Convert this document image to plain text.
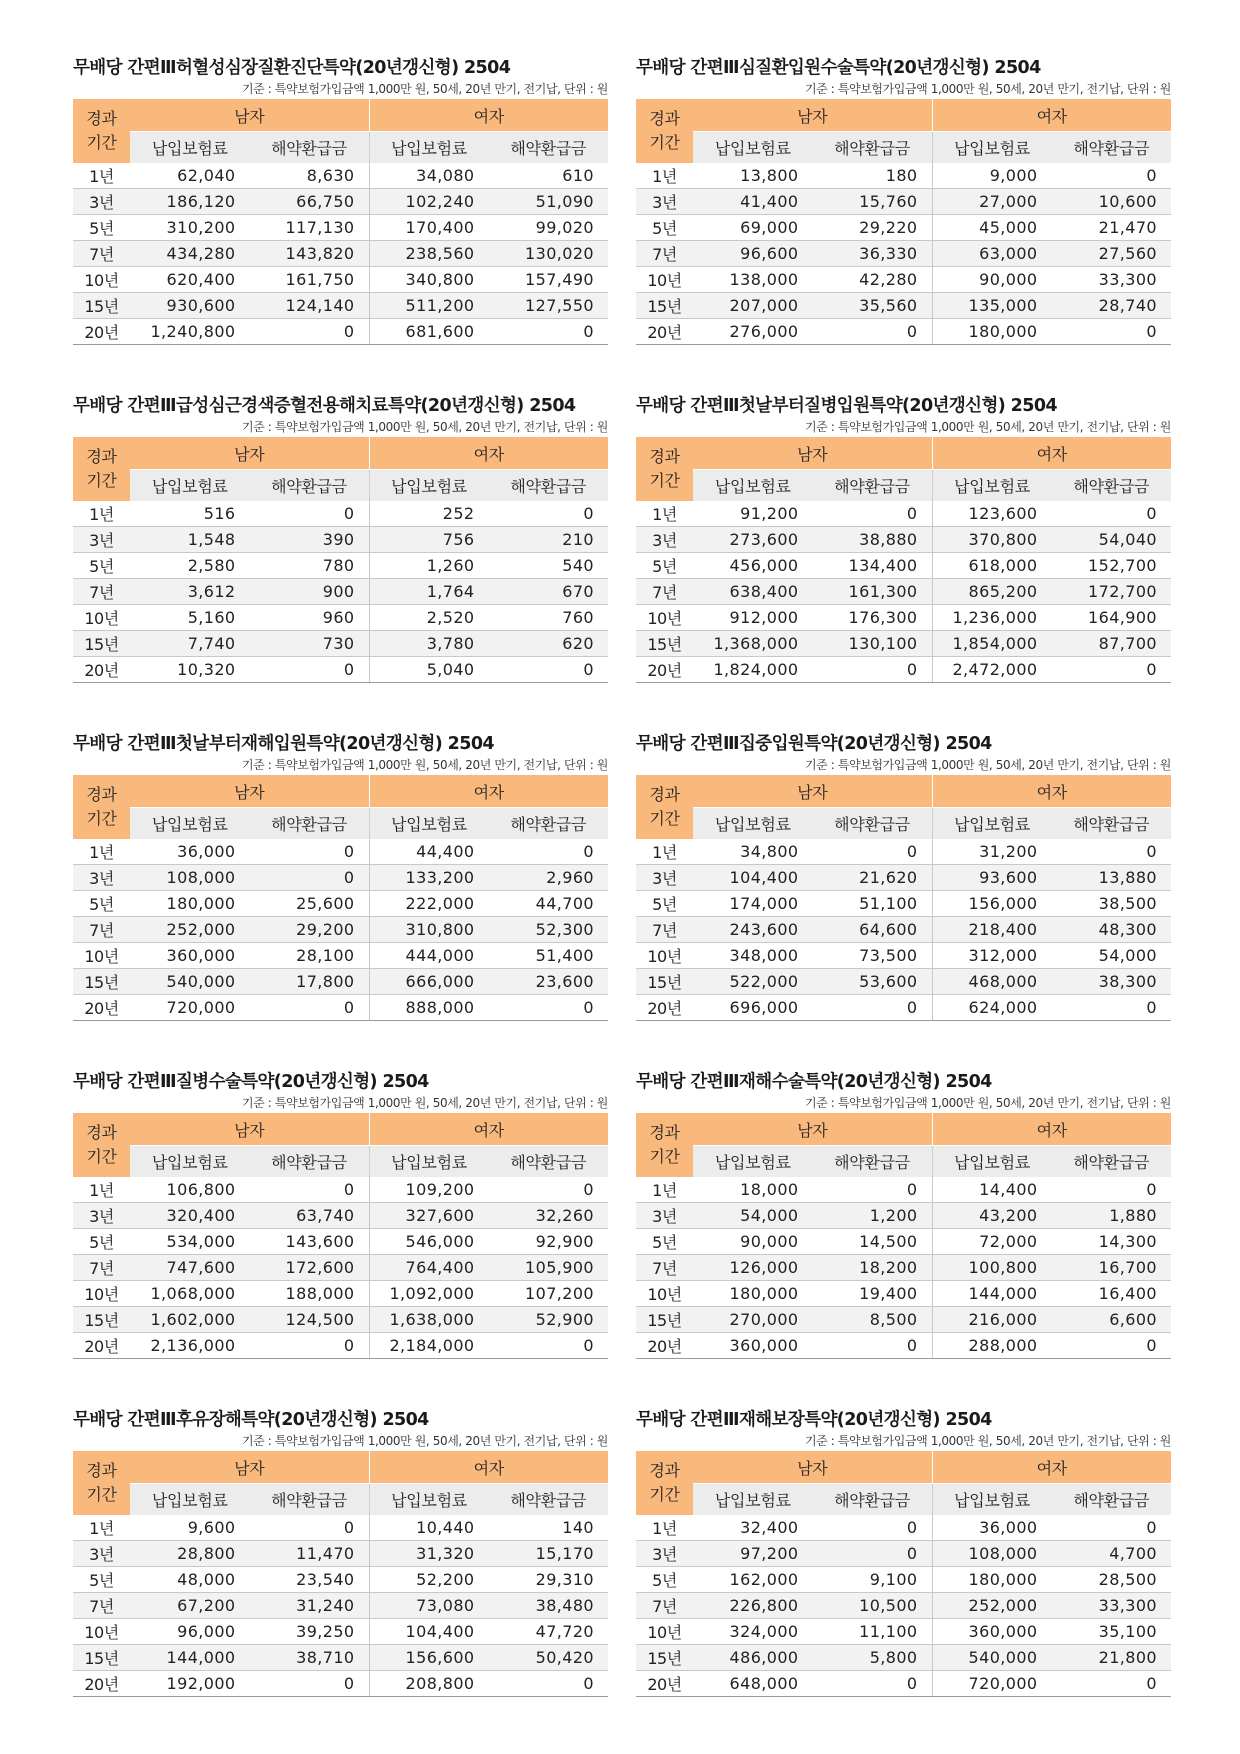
무배당 간편Ⅲ허혈성심장질환진단특약(20년갱신형) 2504
기준 : 특약보험가입금액 1,000만 원, 50세, 20년 만기, 전기납, 단위 : 원
경과
기간	남자		여자	
	납입보험료	해약환급금	납입보험료	해약환급금
1년	62,040	8,630	34,080	610
3년	186,120	66,750	102,240	51,090
5년	310,200	117,130	170,400	99,020
7년	434,280	143,820	238,560	130,020
10년	620,400	161,750	340,800	157,490
15년	930,600	124,140	511,200	127,550
20년	1,240,800	0	681,600	0
무배당 간편Ⅲ심질환입원수술특약(20년갱신형) 2504
기준 : 특약보험가입금액 1,000만 원, 50세, 20년 만기, 전기납, 단위 : 원
경과
기간	남자		여자	
	납입보험료	해약환급금	납입보험료	해약환급금
1년	13,800	180	9,000	0
3년	41,400	15,760	27,000	10,600
5년	69,000	29,220	45,000	21,470
7년	96,600	36,330	63,000	27,560
10년	138,000	42,280	90,000	33,300
15년	207,000	35,560	135,000	28,740
20년	276,000	0	180,000	0
무배당 간편Ⅲ급성심근경색증혈전용해치료특약(20년갱신형) 2504
기준 : 특약보험가입금액 1,000만 원, 50세, 20년 만기, 전기납, 단위 : 원
경과
기간	남자		여자	
	납입보험료	해약환급금	납입보험료	해약환급금
1년	516	0	252	0
3년	1,548	390	756	210
5년	2,580	780	1,260	540
7년	3,612	900	1,764	670
10년	5,160	960	2,520	760
15년	7,740	730	3,780	620
20년	10,320	0	5,040	0
무배당 간편Ⅲ첫날부터질병입원특약(20년갱신형) 2504
기준 : 특약보험가입금액 1,000만 원, 50세, 20년 만기, 전기납, 단위 : 원
경과
기간	남자		여자	
	납입보험료	해약환급금	납입보험료	해약환급금
1년	91,200	0	123,600	0
3년	273,600	38,880	370,800	54,040
5년	456,000	134,400	618,000	152,700
7년	638,400	161,300	865,200	172,700
10년	912,000	176,300	1,236,000	164,900
15년	1,368,000	130,100	1,854,000	87,700
20년	1,824,000	0	2,472,000	0
무배당 간편Ⅲ첫날부터재해입원특약(20년갱신형) 2504
기준 : 특약보험가입금액 1,000만 원, 50세, 20년 만기, 전기납, 단위 : 원
경과
기간	남자		여자	
	납입보험료	해약환급금	납입보험료	해약환급금
1년	36,000	0	44,400	0
3년	108,000	0	133,200	2,960
5년	180,000	25,600	222,000	44,700
7년	252,000	29,200	310,800	52,300
10년	360,000	28,100	444,000	51,400
15년	540,000	17,800	666,000	23,600
20년	720,000	0	888,000	0
무배당 간편Ⅲ집중입원특약(20년갱신형) 2504
기준 : 특약보험가입금액 1,000만 원, 50세, 20년 만기, 전기납, 단위 : 원
경과
기간	남자		여자	
	납입보험료	해약환급금	납입보험료	해약환급금
1년	34,800	0	31,200	0
3년	104,400	21,620	93,600	13,880
5년	174,000	51,100	156,000	38,500
7년	243,600	64,600	218,400	48,300
10년	348,000	73,500	312,000	54,000
15년	522,000	53,600	468,000	38,300
20년	696,000	0	624,000	0
무배당 간편Ⅲ질병수술특약(20년갱신형) 2504
기준 : 특약보험가입금액 1,000만 원, 50세, 20년 만기, 전기납, 단위 : 원
경과
기간	남자		여자	
	납입보험료	해약환급금	납입보험료	해약환급금
1년	106,800	0	109,200	0
3년	320,400	63,740	327,600	32,260
5년	534,000	143,600	546,000	92,900
7년	747,600	172,600	764,400	105,900
10년	1,068,000	188,000	1,092,000	107,200
15년	1,602,000	124,500	1,638,000	52,900
20년	2,136,000	0	2,184,000	0
무배당 간편Ⅲ재해수술특약(20년갱신형) 2504
기준 : 특약보험가입금액 1,000만 원, 50세, 20년 만기, 전기납, 단위 : 원
경과
기간	남자		여자	
	납입보험료	해약환급금	납입보험료	해약환급금
1년	18,000	0	14,400	0
3년	54,000	1,200	43,200	1,880
5년	90,000	14,500	72,000	14,300
7년	126,000	18,200	100,800	16,700
10년	180,000	19,400	144,000	16,400
15년	270,000	8,500	216,000	6,600
20년	360,000	0	288,000	0
무배당 간편Ⅲ후유장해특약(20년갱신형) 2504
기준 : 특약보험가입금액 1,000만 원, 50세, 20년 만기, 전기납, 단위 : 원
경과
기간	남자		여자	
	납입보험료	해약환급금	납입보험료	해약환급금
1년	9,600	0	10,440	140
3년	28,800	11,470	31,320	15,170
5년	48,000	23,540	52,200	29,310
7년	67,200	31,240	73,080	38,480
10년	96,000	39,250	104,400	47,720
15년	144,000	38,710	156,600	50,420
20년	192,000	0	208,800	0
무배당 간편Ⅲ재해보장특약(20년갱신형) 2504
기준 : 특약보험가입금액 1,000만 원, 50세, 20년 만기, 전기납, 단위 : 원
경과
기간	남자		여자	
	납입보험료	해약환급금	납입보험료	해약환급금
1년	32,400	0	36,000	0
3년	97,200	0	108,000	4,700
5년	162,000	9,100	180,000	28,500
7년	226,800	10,500	252,000	33,300
10년	324,000	11,100	360,000	35,100
15년	486,000	5,800	540,000	21,800
20년	648,000	0	720,000	0
